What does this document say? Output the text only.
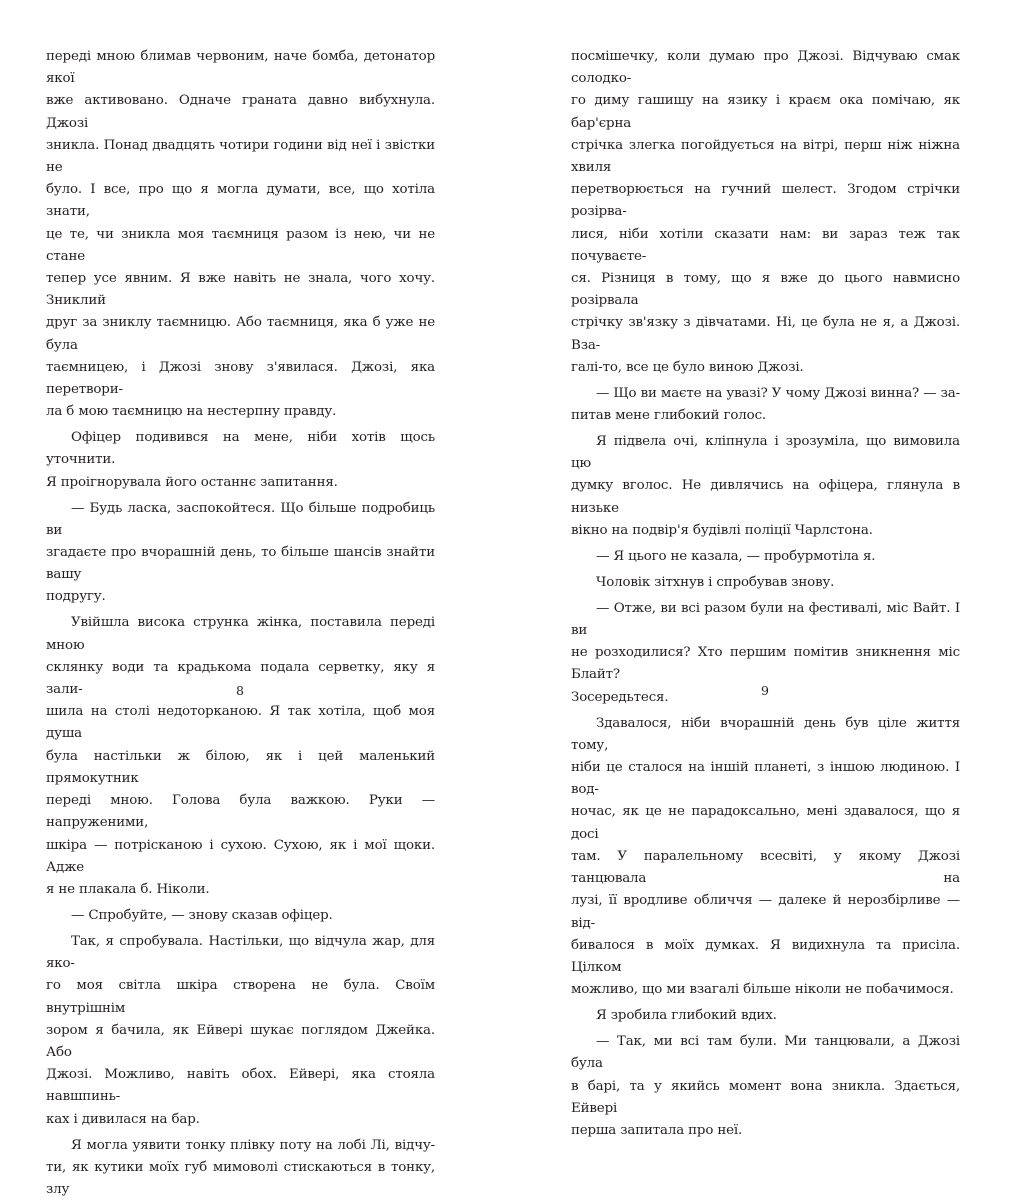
переді мною блимав червоним, наче бомба, детонатор якої

вже активовано. Одначе граната давно вибухнула. Джозі

зникла. Понад двадцять чотири години від неї і звістки не

було. І все, про що я могла думати, все, що хотіла знати,

це те, чи зникла моя таємниця разом із нею, чи не стане

тепер усе явним. Я вже навіть не знала, чого хочу. Зниклий

друг за зниклу таємницю. Або таємниця, яка б уже не була

таємницею, і Джозі знову з'явилася. Джозі, яка перетвори-

ла б мою таємницю на нестерпну правду.

Офіцер подивився на мене, ніби хотів щось уточнити.

Я проігнорувала його останнє запитання.

— Будь ласка, заспокойтеся. Що більше подробиць ви

згадаєте про вчорашній день, то більше шансів знайти вашу

подругу.

Увійшла висока струнка жінка, поставила переді мною

склянку води та крадькома подала серветку, яку я зали-

шила на столі недоторканою. Я так хотіла, щоб моя душа

була настільки ж білою, як і цей маленький прямокутник

переді мною. Голова була важкою. Руки — напруженими,

шкіра — потрісканою і сухою. Сухою, як і мої щоки. Адже

я не плакала б. Ніколи.

— Спробуйте, — знову сказав офіцер.

Так, я спробувала. Настільки, що відчула жар, для яко-

го моя світла шкіра створена не була. Своїм внутрішнім

зором я бачила, як Ейвері шукає поглядом Джейка. Або

Джозі. Можливо, навіть обох. Ейвері, яка стояла навшпинь-

ках і дивилася на бар.

Я могла уявити тонку плівку поту на лобі Лі, відчу-

ти, як кутики моїх губ мимоволі стискаються в тонку, злу

посмішечку, коли думаю про Джозі. Відчуваю смак солодко-

го диму гашишу на язику і краєм ока помічаю, як бар'єрна

стрічка злегка погойдується на вітрі, перш ніж ніжна хвиля

перетворюється на гучний шелест. Згодом стрічки розірва-

лися, ніби хотіли сказати нам: ви зараз теж так почуваєте-

ся. Різниця в тому, що я вже до цього навмисно розірвала

стрічку зв'язку з дівчатами. Ні, це була не я, а Джозі. Взa-

галі-то, все це було виною Джозі.

— Що ви маєте на увазі? У чому Джозі винна? — за-

питав мене глибокий голос.

Я підвела очі, кліпнула і зрозуміла, що вимовила цю

думку вголос. Не дивлячись на офіцера, глянула в низьке

вікно на подвір'я будівлі поліції Чарлстона.

— Я цього не казала, — пробурмотіла я.

Чоловік зітхнув і спробував знову.

— Отже, ви всі разом були на фестивалі, міс Вайт. І ви

не розходилися? Хто першим помітив зникнення міс Блайт?

Зосередьтеся.

Здавалося, ніби вчорашній день був ціле життя тому,

ніби це сталося на іншій планеті, з іншою людиною. І вод-

ночас, як це не парадоксально, мені здавалося, що я досі

там. У паралельному всесвіті, у якому Джозі танцювала на

лузі, її вродливе обличчя — далеке й нерозбірливе — від-

бивалося в моїх думках. Я видихнула та присіла. Цілком

можливо, що ми взагалі більше ніколи не побачимося.

Я зробила глибокий вдих.

— Так, ми всі там були. Ми танцювали, а Джозі була

в барі, та у якийсь момент вона зникла. Здається, Ейвері

перша запитала про неї.

8	9
